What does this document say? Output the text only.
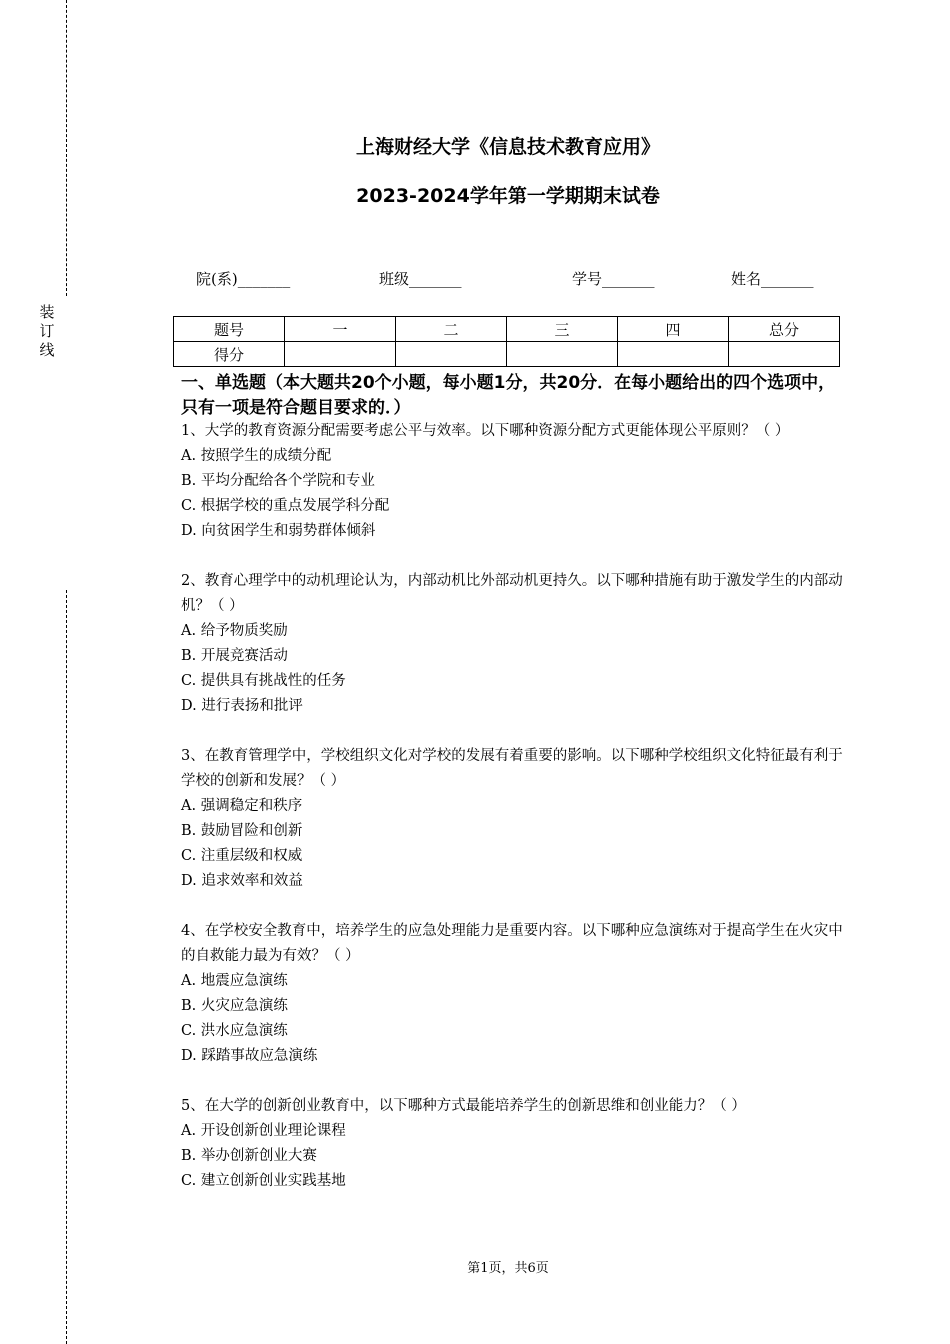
装
订
线
上海财经大学《信息技术教育应用》
2023-2024学年第一学期期末试卷
院(系)_______	班级_______	学号_______	姓名_______
题号	一	二	三	四	总分
得分					
一、单选题（本大题共20个小题，每小题1分，共20分．在每小题给出的四个选项中，只有一项是符合题目要求的．）
1、大学的教育资源分配需要考虑公平与效率。以下哪种资源分配方式更能体现公平原则？（ ）
A. 按照学生的成绩分配
B. 平均分配给各个学院和专业
C. 根据学校的重点发展学科分配
D. 向贫困学生和弱势群体倾斜
2、教育心理学中的动机理论认为，内部动机比外部动机更持久。以下哪种措施有助于激发学生的内部动机？（ ）
A. 给予物质奖励
B. 开展竞赛活动
C. 提供具有挑战性的任务
D. 进行表扬和批评
3、在教育管理学中，学校组织文化对学校的发展有着重要的影响。以下哪种学校组织文化特征最有利于学校的创新和发展？（ ）
A. 强调稳定和秩序
B. 鼓励冒险和创新
C. 注重层级和权威
D. 追求效率和效益
4、在学校安全教育中，培养学生的应急处理能力是重要内容。以下哪种应急演练对于提高学生在火灾中的自救能力最为有效？（ ）
A. 地震应急演练
B. 火灾应急演练
C. 洪水应急演练
D. 踩踏事故应急演练
5、在大学的创新创业教育中，以下哪种方式最能培养学生的创新思维和创业能力？（ ）
A. 开设创新创业理论课程
B. 举办创新创业大赛
C. 建立创新创业实践基地
第1页，共6页
